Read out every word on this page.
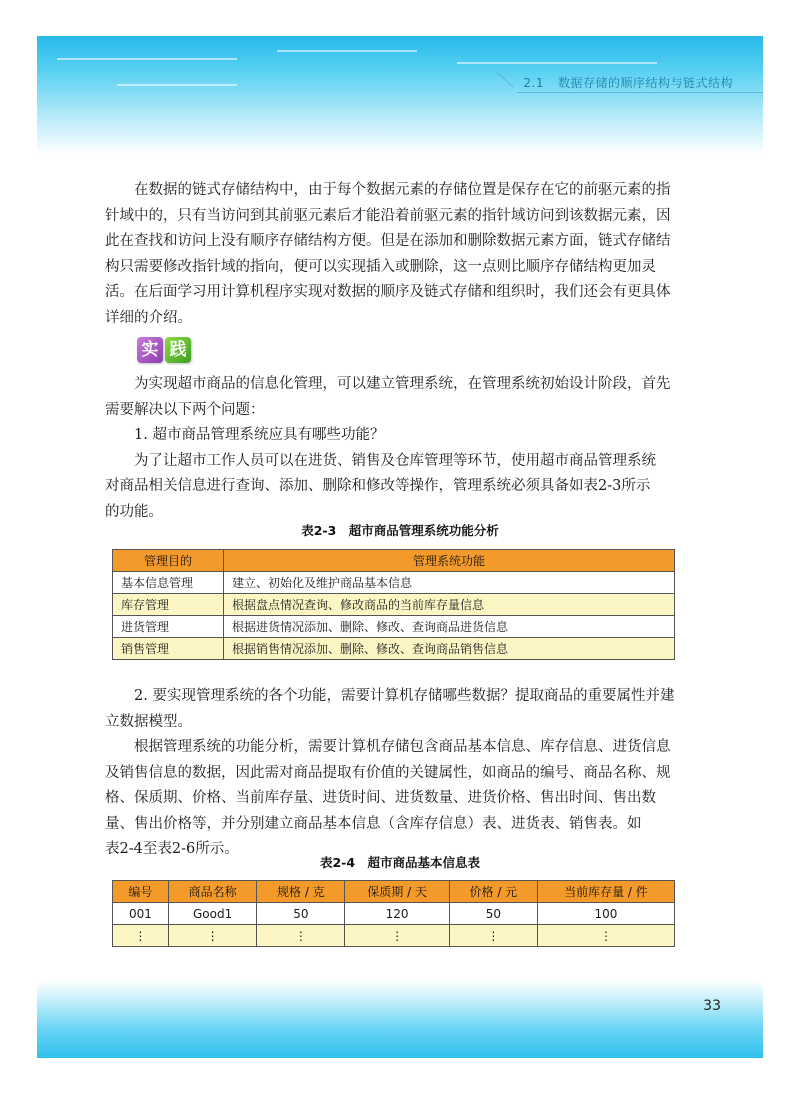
2.1 数据存储的顺序结构与链式结构
33
在数据的链式存储结构中，由于每个数据元素的存储位置是保存在它的前驱元素的指
针域中的，只有当访问到其前驱元素后才能沿着前驱元素的指针域访问到该数据元素，因
此在查找和访问上没有顺序存储结构方便。但是在添加和删除数据元素方面，链式存储结
构只需要修改指针域的指向，便可以实现插入或删除，这一点则比顺序存储结构更加灵
活。在后面学习用计算机程序实现对数据的顺序及链式存储和组织时，我们还会有更具体
详细的介绍。
实 践
为实现超市商品的信息化管理，可以建立管理系统，在管理系统初始设计阶段，首先
需要解决以下两个问题：
1. 超市商品管理系统应具有哪些功能？
为了让超市工作人员可以在进货、销售及仓库管理等环节，使用超市商品管理系统
对商品相关信息进行查询、添加、删除和修改等操作，管理系统必须具备如表2-3所示
的功能。
表2-3　超市商品管理系统功能分析
管理目的	管理系统功能
基本信息管理	建立、初始化及维护商品基本信息
库存管理	根据盘点情况查询、修改商品的当前库存量信息
进货管理	根据进货情况添加、删除、修改、查询商品进货信息
销售管理	根据销售情况添加、删除、修改、查询商品销售信息
2. 要实现管理系统的各个功能，需要计算机存储哪些数据？提取商品的重要属性并建
立数据模型。
根据管理系统的功能分析，需要计算机存储包含商品基本信息、库存信息、进货信息
及销售信息的数据，因此需对商品提取有价值的关键属性，如商品的编号、商品名称、规
格、保质期、价格、当前库存量、进货时间、进货数量、进货价格、售出时间、售出数
量、售出价格等，并分别建立商品基本信息（含库存信息）表、进货表、销售表。如
表2-4至表2-6所示。
表2-4　超市商品基本信息表
编号	商品名称	规格 / 克	保质期 / 天	价格 / 元	当前库存量 / 件
001	Good1	50	120	50	100
⋮	⋮	⋮	⋮	⋮	⋮
